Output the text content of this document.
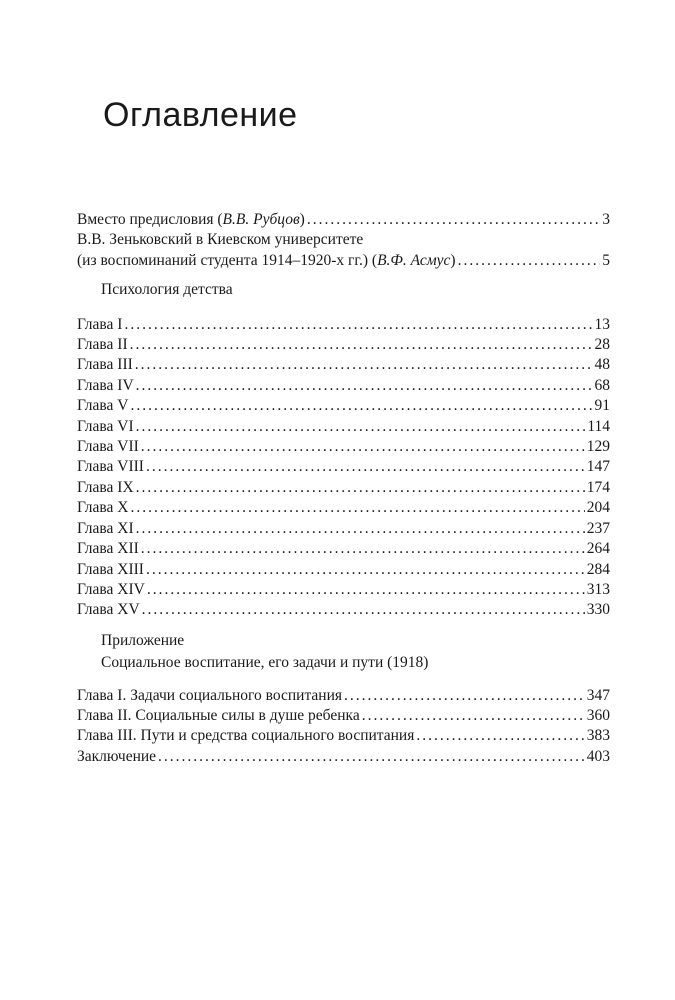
Оглавление
Вместо предисловия (В.В. Рубцов) .....	3
В.В. Зеньковский в Киевском университете
(из воспоминаний студента 1914–1920-х гг.) (В.Ф. Асмус) .....	5
Психология детства
Глава I .....	13
Глава II .....	28
Глава III .....	48
Глава IV .....	68
Глава V .....	91
Глава VI .....	114
Глава VII .....	129
Глава VIII .....	147
Глава IX .....	174
Глава X .....	204
Глава XI .....	237
Глава XII .....	264
Глава XIII .....	284
Глава XIV .....	313
Глава XV .....	330
Приложение
Социальное воспитание, его задачи и пути (1918)
Глава I. Задачи социального воспитания .....	347
Глава II. Социальные силы в душе ребенка .....	360
Глава III. Пути и средства социального воспитания .....	383
Заключение .....	403
